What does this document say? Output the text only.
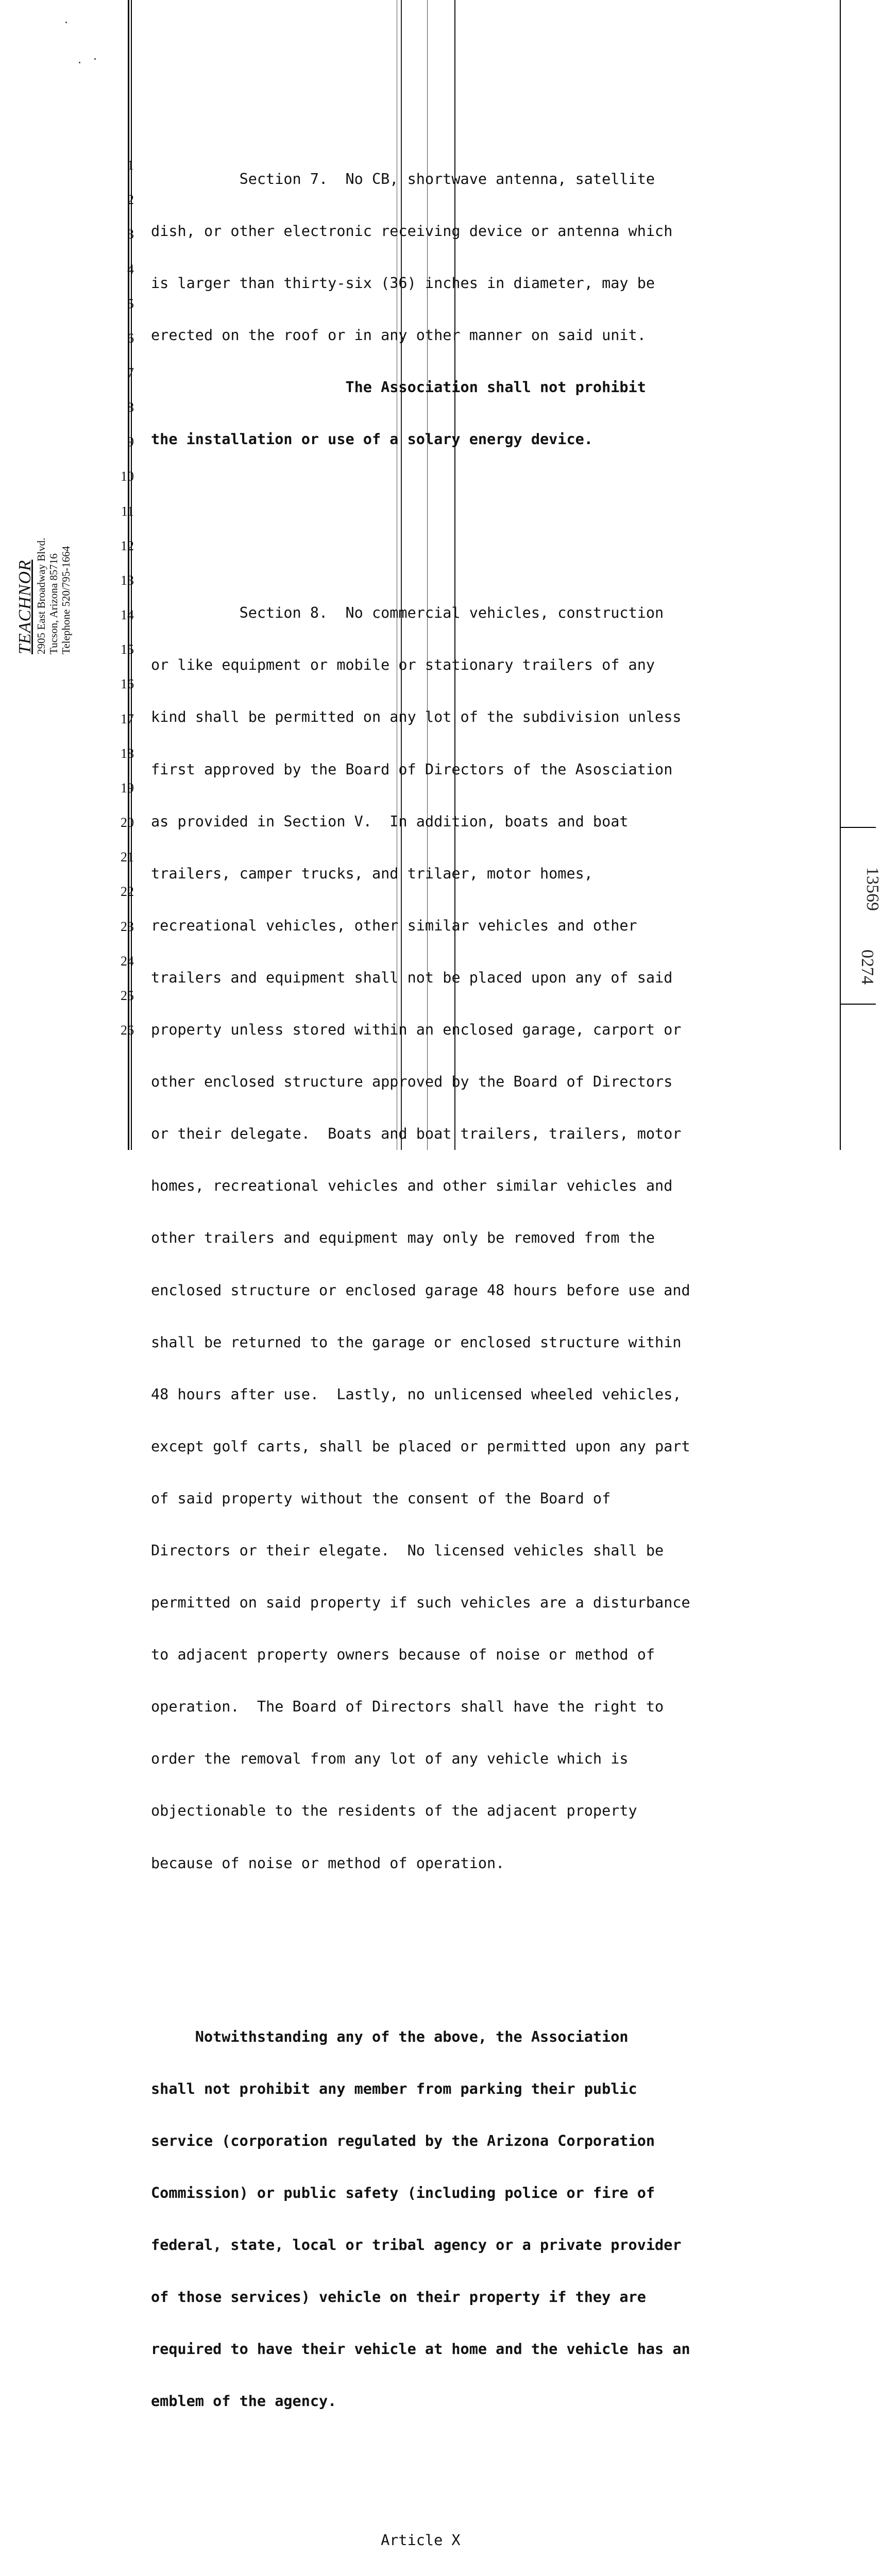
1
2
3
4
5
6
7
8
9
10
11
12
13
14
15
16
17
18
19
20
21
22
23
24
25
26
TEACHNOR 2905 East Broadway Blvd. Tucson, Arizona 85716 Telephone 520/795-1664
13569
0274

Section 7.  No CB, shortwave antenna, satellite

dish, or other electronic receiving device or antenna which

is larger than thirty-six (36) inches in diameter, may be

erected on the roof or in any other manner on said unit.

The Association shall not prohibit

the installation or use of a solary energy device.

Section 8.  No commercial vehicles, construction

or like equipment or mobile or stationary trailers of any

kind shall be permitted on any lot of the subdivision unless

first approved by the Board of Directors of the Asosciation

as provided in Section V.  In addition, boats and boat

trailers, camper trucks, and trilaer, motor homes,

recreational vehicles, other similar vehicles and other

trailers and equipment shall not be placed upon any of said

property unless stored within an enclosed garage, carport or

other enclosed structure approved by the Board of Directors

or their delegate.  Boats and boat trailers, trailers, motor

homes, recreational vehicles and other similar vehicles and

other trailers and equipment may only be removed from the

enclosed structure or enclosed garage 48 hours before use and

shall be returned to the garage or enclosed structure within

48 hours after use.  Lastly, no unlicensed wheeled vehicles,

except golf carts, shall be placed or permitted upon any part

of said property without the consent of the Board of

Directors or their elegate.  No licensed vehicles shall be

permitted on said property if such vehicles are a disturbance

to adjacent property owners because of noise or method of

operation.  The Board of Directors shall have the right to

order the removal from any lot of any vehicle which is

objectionable to the residents of the adjacent property

because of noise or method of operation.

Notwithstanding any of the above, the Association

shall not prohibit any member from parking their public

service (corporation regulated by the Arizona Corporation

Commission) or public safety (including police or fire of

federal, state, local or tribal agency or a private provider

of those services) vehicle on their property if they are

required to have their vehicle at home and the vehicle has an

emblem of the agency.

Article X
